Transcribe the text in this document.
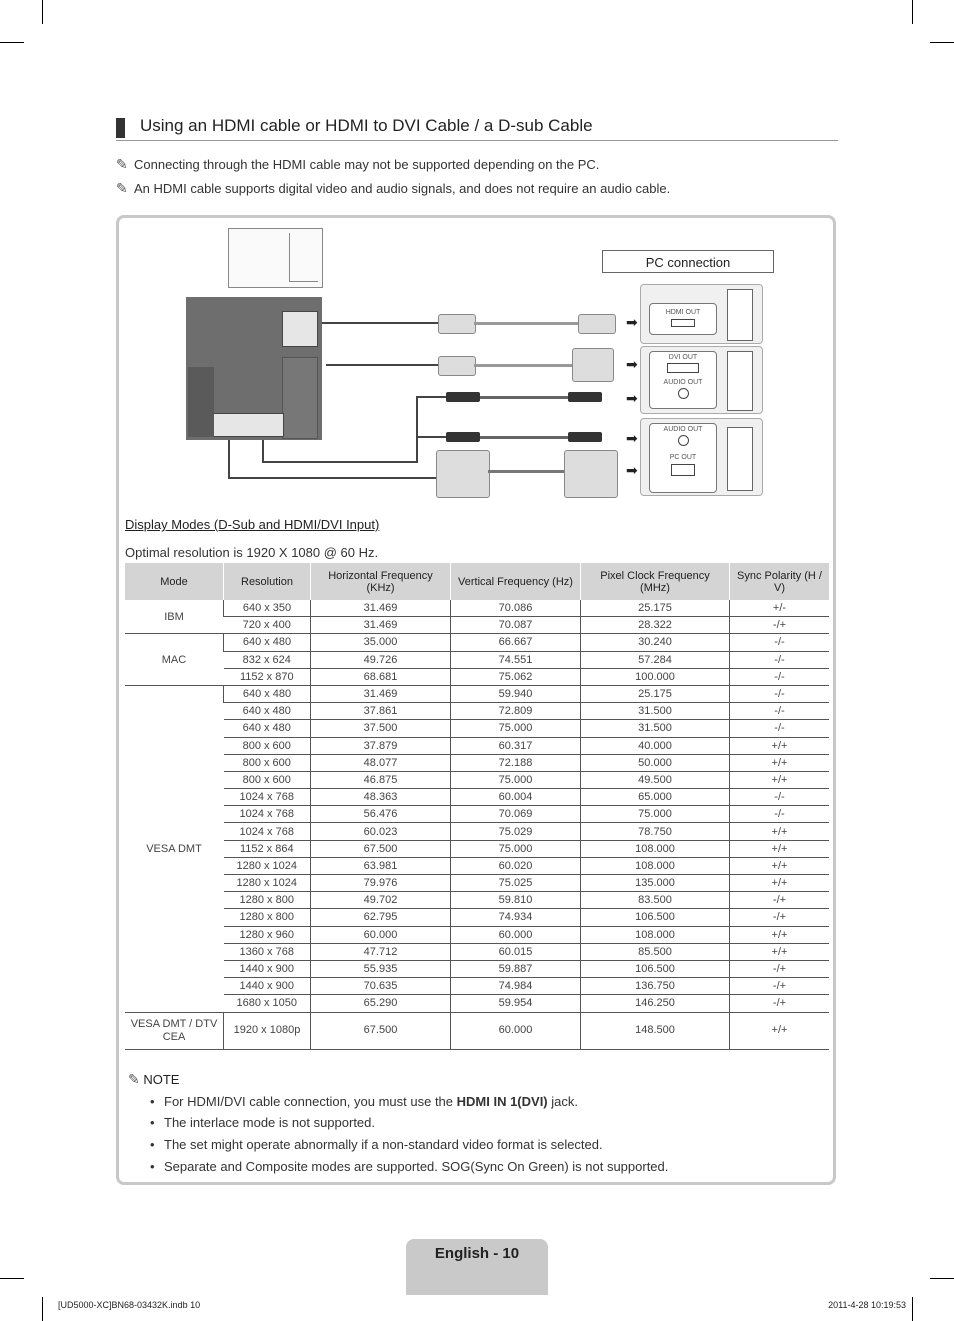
Using an HDMI cable or HDMI to DVI Cable / a D-sub Cable
✎ Connecting through the HDMI cable may not be supported depending on the PC.
✎ An HDMI cable supports digital video and audio signals, and does not require an audio cable.
➡
➡
➡
➡
➡
PC connection
HDMI OUT
DVI OUT
AUDIO OUT
AUDIO OUT
PC OUT
Display Modes (D-Sub and HDMI/DVI Input)
Optimal resolution is 1920 X 1080 @ 60 Hz.
Mode	Resolution	Horizontal Frequency (KHz)	Vertical Frequency (Hz)	Pixel Clock Frequency (MHz)	Sync Polarity (H / V)
IBM	640 x 350	31.469	70.086	25.175	+/-
	720 x 400	31.469	70.087	28.322	-/+
MAC	640 x 480	35.000	66.667	30.240	-/-
	832 x 624	49.726	74.551	57.284	-/-
	1152 x 870	68.681	75.062	100.000	-/-
VESA DMT	640 x 480	31.469	59.940	25.175	-/-
	640 x 480	37.861	72.809	31.500	-/-
	640 x 480	37.500	75.000	31.500	-/-
	800 x 600	37.879	60.317	40.000	+/+
	800 x 600	48.077	72.188	50.000	+/+
	800 x 600	46.875	75.000	49.500	+/+
	1024 x 768	48.363	60.004	65.000	-/-
	1024 x 768	56.476	70.069	75.000	-/-
	1024 x 768	60.023	75.029	78.750	+/+
	1152 x 864	67.500	75.000	108.000	+/+
	1280 x 1024	63.981	60.020	108.000	+/+
	1280 x 1024	79.976	75.025	135.000	+/+
	1280 x 800	49.702	59.810	83.500	-/+
	1280 x 800	62.795	74.934	106.500	-/+
	1280 x 960	60.000	60.000	108.000	+/+
	1360 x 768	47.712	60.015	85.500	+/+
	1440 x 900	55.935	59.887	106.500	-/+
	1440 x 900	70.635	74.984	136.750	-/+
	1680 x 1050	65.290	59.954	146.250	-/+
VESA DMT / DTV CEA	1920 x 1080p	67.500	60.000	148.500	+/+
✎ NOTE
• For HDMI/DVI cable connection, you must use the HDMI IN 1(DVI) jack.
• The interlace mode is not supported.
• The set might operate abnormally if a non-standard video format is selected.
• Separate and Composite modes are supported. SOG(Sync On Green) is not supported.
English - 10
[UD5000-XC]BN68-03432K.indb 10	2011-4-28 10:19:53
